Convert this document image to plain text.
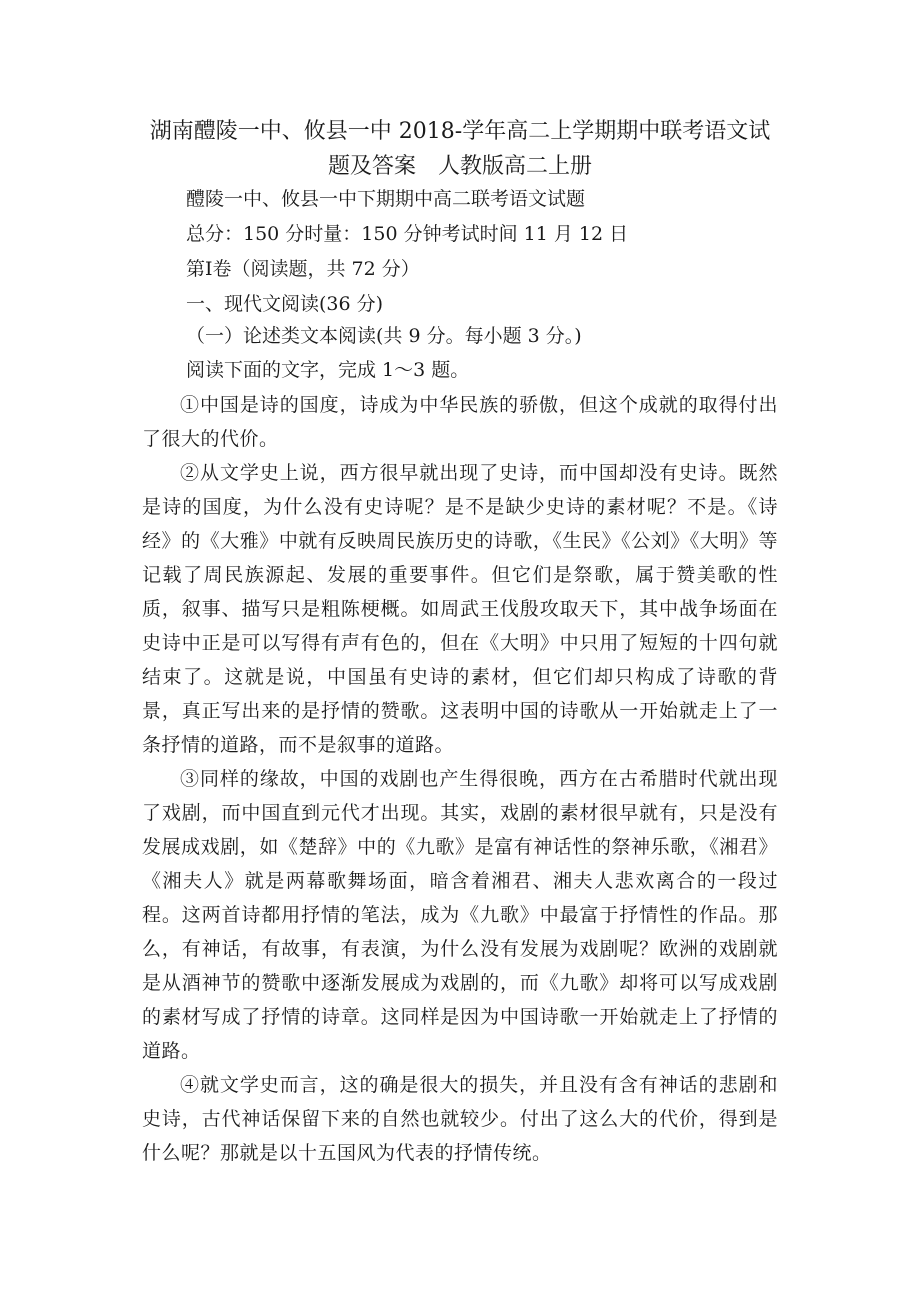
湖南醴陵一中、攸县一中 2018-学年高二上学期期中联考语文试
题及答案　人教版高二上册

醴陵一中、攸县一中下期期中高二联考语文试题

总分：150 分时量：150 分钟考试时间 11 月 12 日

第Ⅰ卷（阅读题，共 72 分）

一、现代文阅读(36 分)

（一）论述类文本阅读(共 9 分。每小题 3 分。)

阅读下面的文字，完成 1～3 题。

①中国是诗的国度，诗成为中华民族的骄傲，但这个成就的取得付出了很大的代价。

②从文学史上说，西方很早就出现了史诗，而中国却没有史诗。既然是诗的国度，为什么没有史诗呢？是不是缺少史诗的素材呢？不是。《诗经》的《大雅》中就有反映周民族历史的诗歌，《生民》《公刘》《大明》等记载了周民族源起、发展的重要事件。但它们是祭歌，属于赞美歌的性质，叙事、描写只是粗陈梗概。如周武王伐殷攻取天下，其中战争场面在史诗中正是可以写得有声有色的，但在《大明》中只用了短短的十四句就结束了。这就是说，中国虽有史诗的素材，但它们却只构成了诗歌的背景，真正写出来的是抒情的赞歌。这表明中国的诗歌从一开始就走上了一条抒情的道路，而不是叙事的道路。

③同样的缘故，中国的戏剧也产生得很晚，西方在古希腊时代就出现了戏剧，而中国直到元代才出现。其实，戏剧的素材很早就有，只是没有发展成戏剧，如《楚辞》中的《九歌》是富有神话性的祭神乐歌，《湘君》《湘夫人》就是两幕歌舞场面，暗含着湘君、湘夫人悲欢离合的一段过程。这两首诗都用抒情的笔法，成为《九歌》中最富于抒情性的作品。那么，有神话，有故事，有表演，为什么没有发展为戏剧呢？欧洲的戏剧就是从酒神节的赞歌中逐渐发展成为戏剧的，而《九歌》却将可以写成戏剧的素材写成了抒情的诗章。这同样是因为中国诗歌一开始就走上了抒情的道路。

④就文学史而言，这的确是很大的损失，并且没有含有神话的悲剧和史诗，古代神话保留下来的自然也就较少。付出了这么大的代价，得到是什么呢？那就是以十五国风为代表的抒情传统。
